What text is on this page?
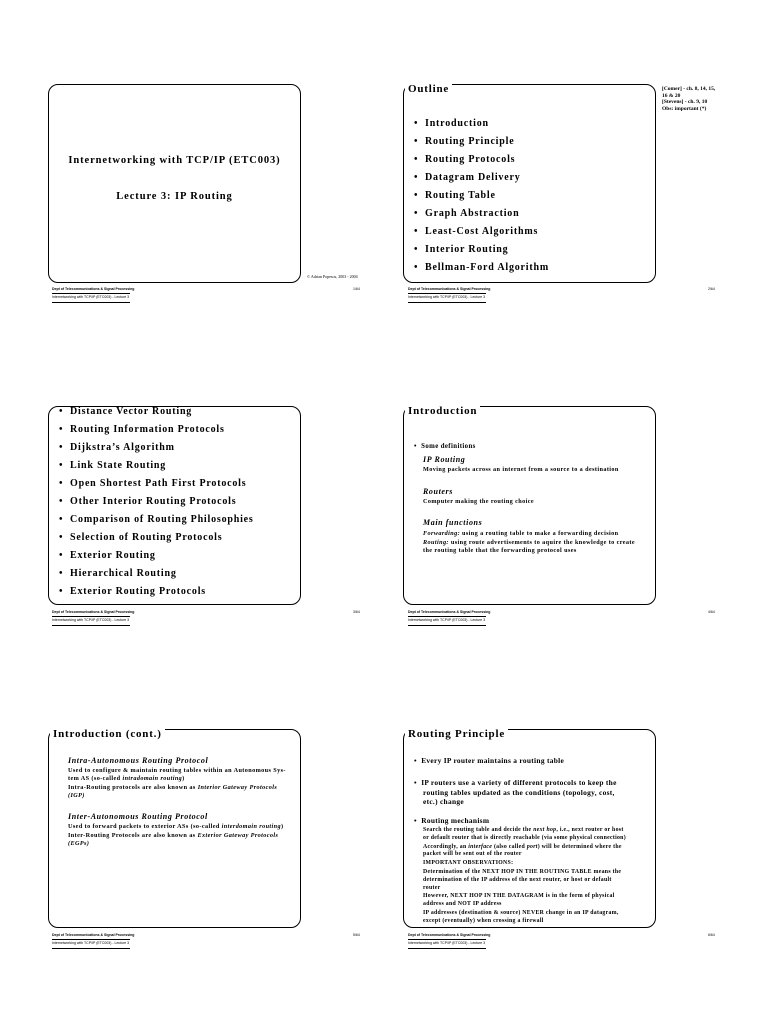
Internetworking with TCP/IP (ETC003)
Lecture 3: IP Routing
© Adrian Popescu, 2003 - 2004
Dept of Telecommunications & Signal Processing
Internetworking with TCP/IP (ETC003) - Lecture 3
1/64
Outline
• Introduction
• Routing Principle
• Routing Protocols
• Datagram Delivery
• Routing Table
• Graph Abstraction
• Least-Cost Algorithms
• Interior Routing
• Bellman-Ford Algorithm
[Comer] - ch. 8, 14, 15,
16 & 20
[Stevens] - ch. 9, 10
Obs: important (*)
Dept of Telecommunications & Signal Processing
Internetworking with TCP/IP (ETC003) - Lecture 3
2/64
• Distance Vector Routing
• Routing Information Protocols
• Dijkstra’s Algorithm
• Link State Routing
• Open Shortest Path First Protocols
• Other Interior Routing Protocols
• Comparison of Routing Philosophies
• Selection of Routing Protocols
• Exterior Routing
• Hierarchical Routing
• Exterior Routing Protocols
Dept of Telecommunications & Signal Processing
Internetworking with TCP/IP (ETC003) - Lecture 3
3/64
Introduction
•  Some definitions
IP Routing
Moving packets across an internet from a source to a destination
Routers
Computer making the routing choice
Main functions
Forwarding: using a routing table to make a forwarding decision
Routing: using route advertisements to aquire the knowledge to create
the routing table that the forwarding protocol uses
Dept of Telecommunications & Signal Processing
Internetworking with TCP/IP (ETC003) - Lecture 3
4/64
Introduction (cont.)
Intra-Autonomous Routing Protocol
Used to configure & maintain routing tables within an Autonomous Sys-
tem AS (so-called intradomain routing)
Intra-Routing protocols are also known as Interior Gateway Protocols
(IGP)
Inter-Autonomous Routing Protocol
Used to forward packets to exterior ASs (so-called interdomain routing)
Inter-Routing Protocols are also known as Exterior Gateway Protocols
(EGPs)
Dept of Telecommunications & Signal Processing
Internetworking with TCP/IP (ETC003) - Lecture 3
5/64
Routing Principle
•  Every IP router maintains a routing table
•  IP routers use a variety of different protocols to keep the
routing tables updated as the conditions (topology, cost,
etc.) change
•  Routing mechanism
Search the routing table and decide the next hop, i.e., next router or host
or default router that is directly reachable (via some physical connection)
Accordingly, an interface (also called port) will be determined where the
packet will be sent out of the router
IMPORTANT OBSERVATIONS:
Determination of the NEXT HOP IN THE ROUTING TABLE means the
determination of the IP address of the next router, or host or default
router
However, NEXT HOP IN THE DATAGRAM is in the form of physical
address and NOT IP address
IP addresses (destination & source) NEVER change in an IP datagram,
except (eventually) when crossing a firewall
Dept of Telecommunications & Signal Processing
Internetworking with TCP/IP (ETC003) - Lecture 3
6/64
